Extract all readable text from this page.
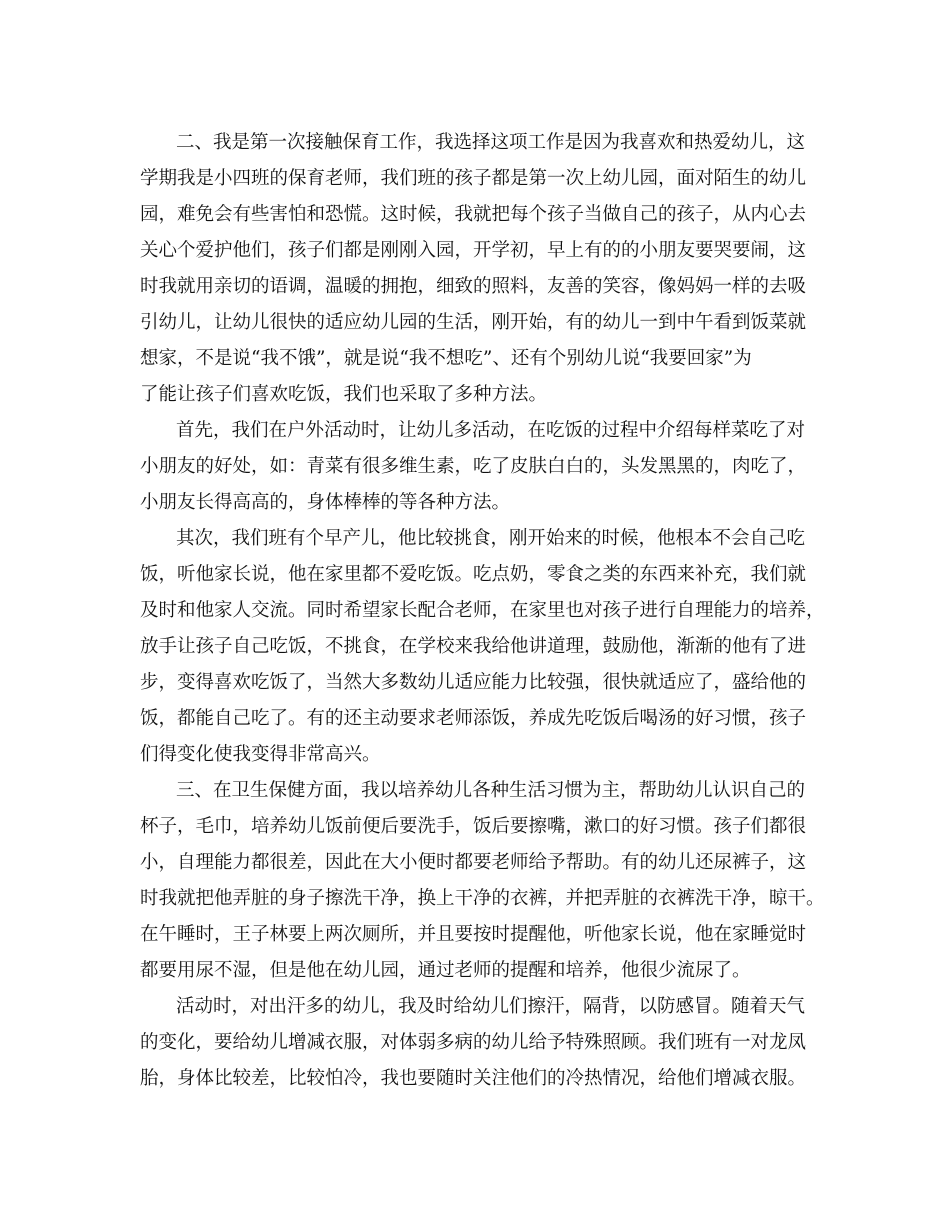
二、我是第一次接触保育工作，我选择这项工作是因为我喜欢和热爱幼儿，这

学期我是小四班的保育老师，我们班的孩子都是第一次上幼儿园，面对陌生的幼儿

园，难免会有些害怕和恐慌。这时候，我就把每个孩子当做自己的孩子，从内心去

关心个爱护他们，孩子们都是刚刚入园，开学初，早上有的的小朋友要哭要闹，这

时我就用亲切的语调，温暖的拥抱，细致的照料，友善的笑容，像妈妈一样的去吸

引幼儿，让幼儿很快的适应幼儿园的生活，刚开始，有的幼儿一到中午看到饭菜就

想家，不是说“我不饿”，就是说“我不想吃”、还有个别幼儿说“我要回家”为

了能让孩子们喜欢吃饭，我们也采取了多种方法。

首先，我们在户外活动时，让幼儿多活动，在吃饭的过程中介绍每样菜吃了对

小朋友的好处，如：青菜有很多维生素，吃了皮肤白白的，头发黑黑的，肉吃了，

小朋友长得高高的，身体棒棒的等各种方法。

其次，我们班有个早产儿，他比较挑食，刚开始来的时候，他根本不会自己吃

饭，听他家长说，他在家里都不爱吃饭。吃点奶，零食之类的东西来补充，我们就

及时和他家人交流。同时希望家长配合老师，在家里也对孩子进行自理能力的培养，

放手让孩子自己吃饭，不挑食，在学校来我给他讲道理，鼓励他，渐渐的他有了进

步，变得喜欢吃饭了，当然大多数幼儿适应能力比较强，很快就适应了，盛给他的

饭，都能自己吃了。有的还主动要求老师添饭，养成先吃饭后喝汤的好习惯，孩子

们得变化使我变得非常高兴。

三、在卫生保健方面，我以培养幼儿各种生活习惯为主，帮助幼儿认识自己的

杯子，毛巾，培养幼儿饭前便后要洗手，饭后要擦嘴，漱口的好习惯。孩子们都很

小，自理能力都很差，因此在大小便时都要老师给予帮助。有的幼儿还尿裤子，这

时我就把他弄脏的身子擦洗干净，换上干净的衣裤，并把弄脏的衣裤洗干净，晾干。

在午睡时，王子林要上两次厕所，并且要按时提醒他，听他家长说，他在家睡觉时

都要用尿不湿，但是他在幼儿园，通过老师的提醒和培养，他很少流尿了。

活动时，对出汗多的幼儿，我及时给幼儿们擦汗，隔背，以防感冒。随着天气

的变化，要给幼儿增减衣服，对体弱多病的幼儿给予特殊照顾。我们班有一对龙凤

胎，身体比较差，比较怕冷，我也要随时关注他们的冷热情况，给他们增减衣服。
